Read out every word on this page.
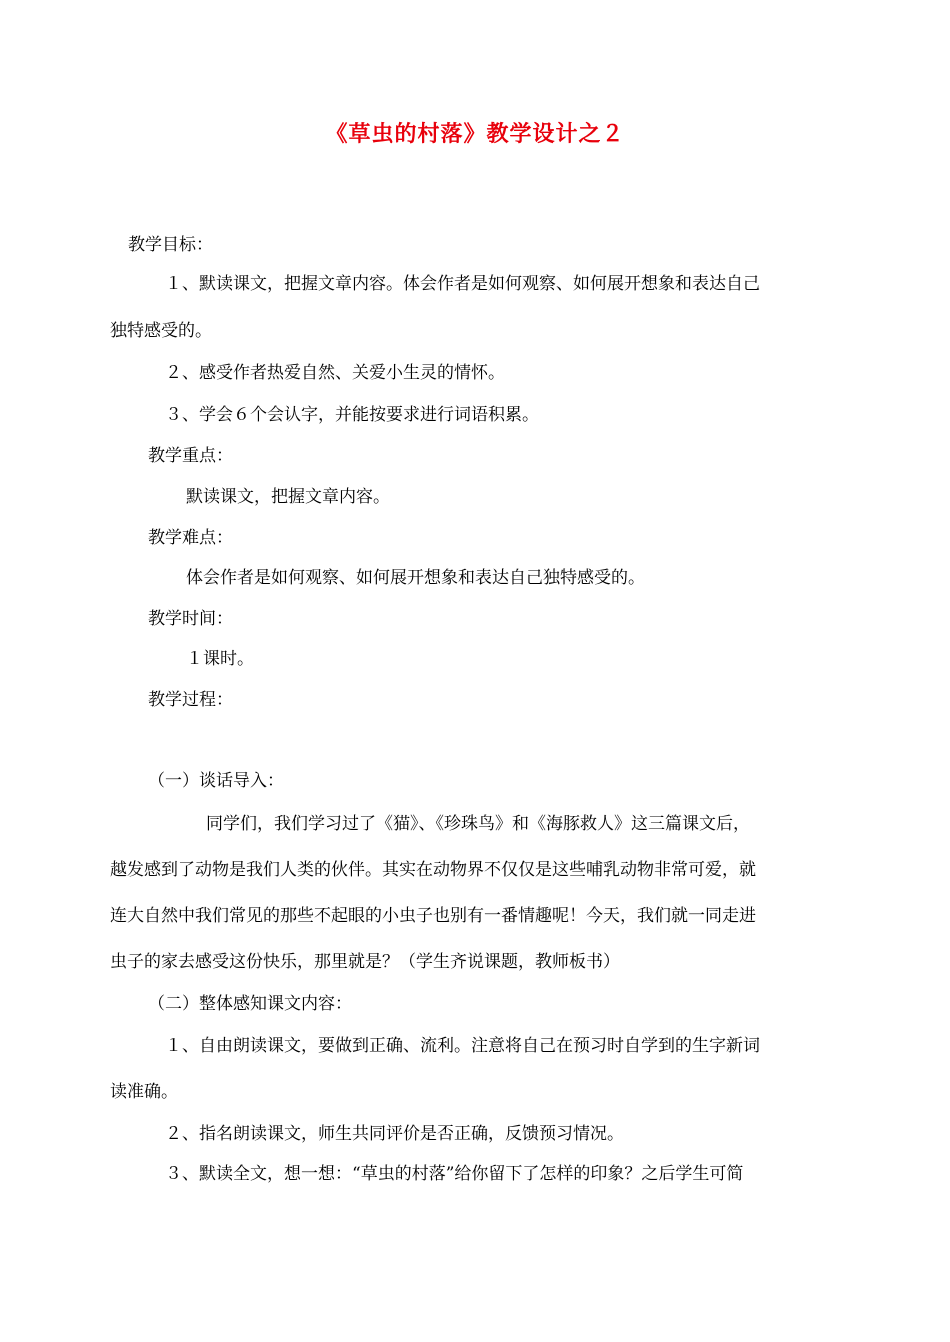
《草虫的村落》教学设计之２
教学目标：
１、默读课文，把握文章内容。体会作者是如何观察、如何展开想象和表达自己
独特感受的。
２、感受作者热爱自然、关爱小生灵的情怀。
３、学会６个会认字，并能按要求进行词语积累。
教学重点：
默读课文，把握文章内容。
教学难点：
体会作者是如何观察、如何展开想象和表达自己独特感受的。
教学时间：
１课时。
教学过程：
（一）谈话导入：
同学们，我们学习过了《猫》、《珍珠鸟》和《海豚救人》这三篇课文后，
越发感到了动物是我们人类的伙伴。其实在动物界不仅仅是这些哺乳动物非常可爱，就
连大自然中我们常见的那些不起眼的小虫子也别有一番情趣呢！今天，我们就一同走进
虫子的家去感受这份快乐，那里就是？（学生齐说课题，教师板书）
（二）整体感知课文内容：
１、自由朗读课文，要做到正确、流利。注意将自己在预习时自学到的生字新词
读准确。
２、指名朗读课文，师生共同评价是否正确，反馈预习情况。
３、默读全文，想一想：“草虫的村落”给你留下了怎样的印象？之后学生可简
